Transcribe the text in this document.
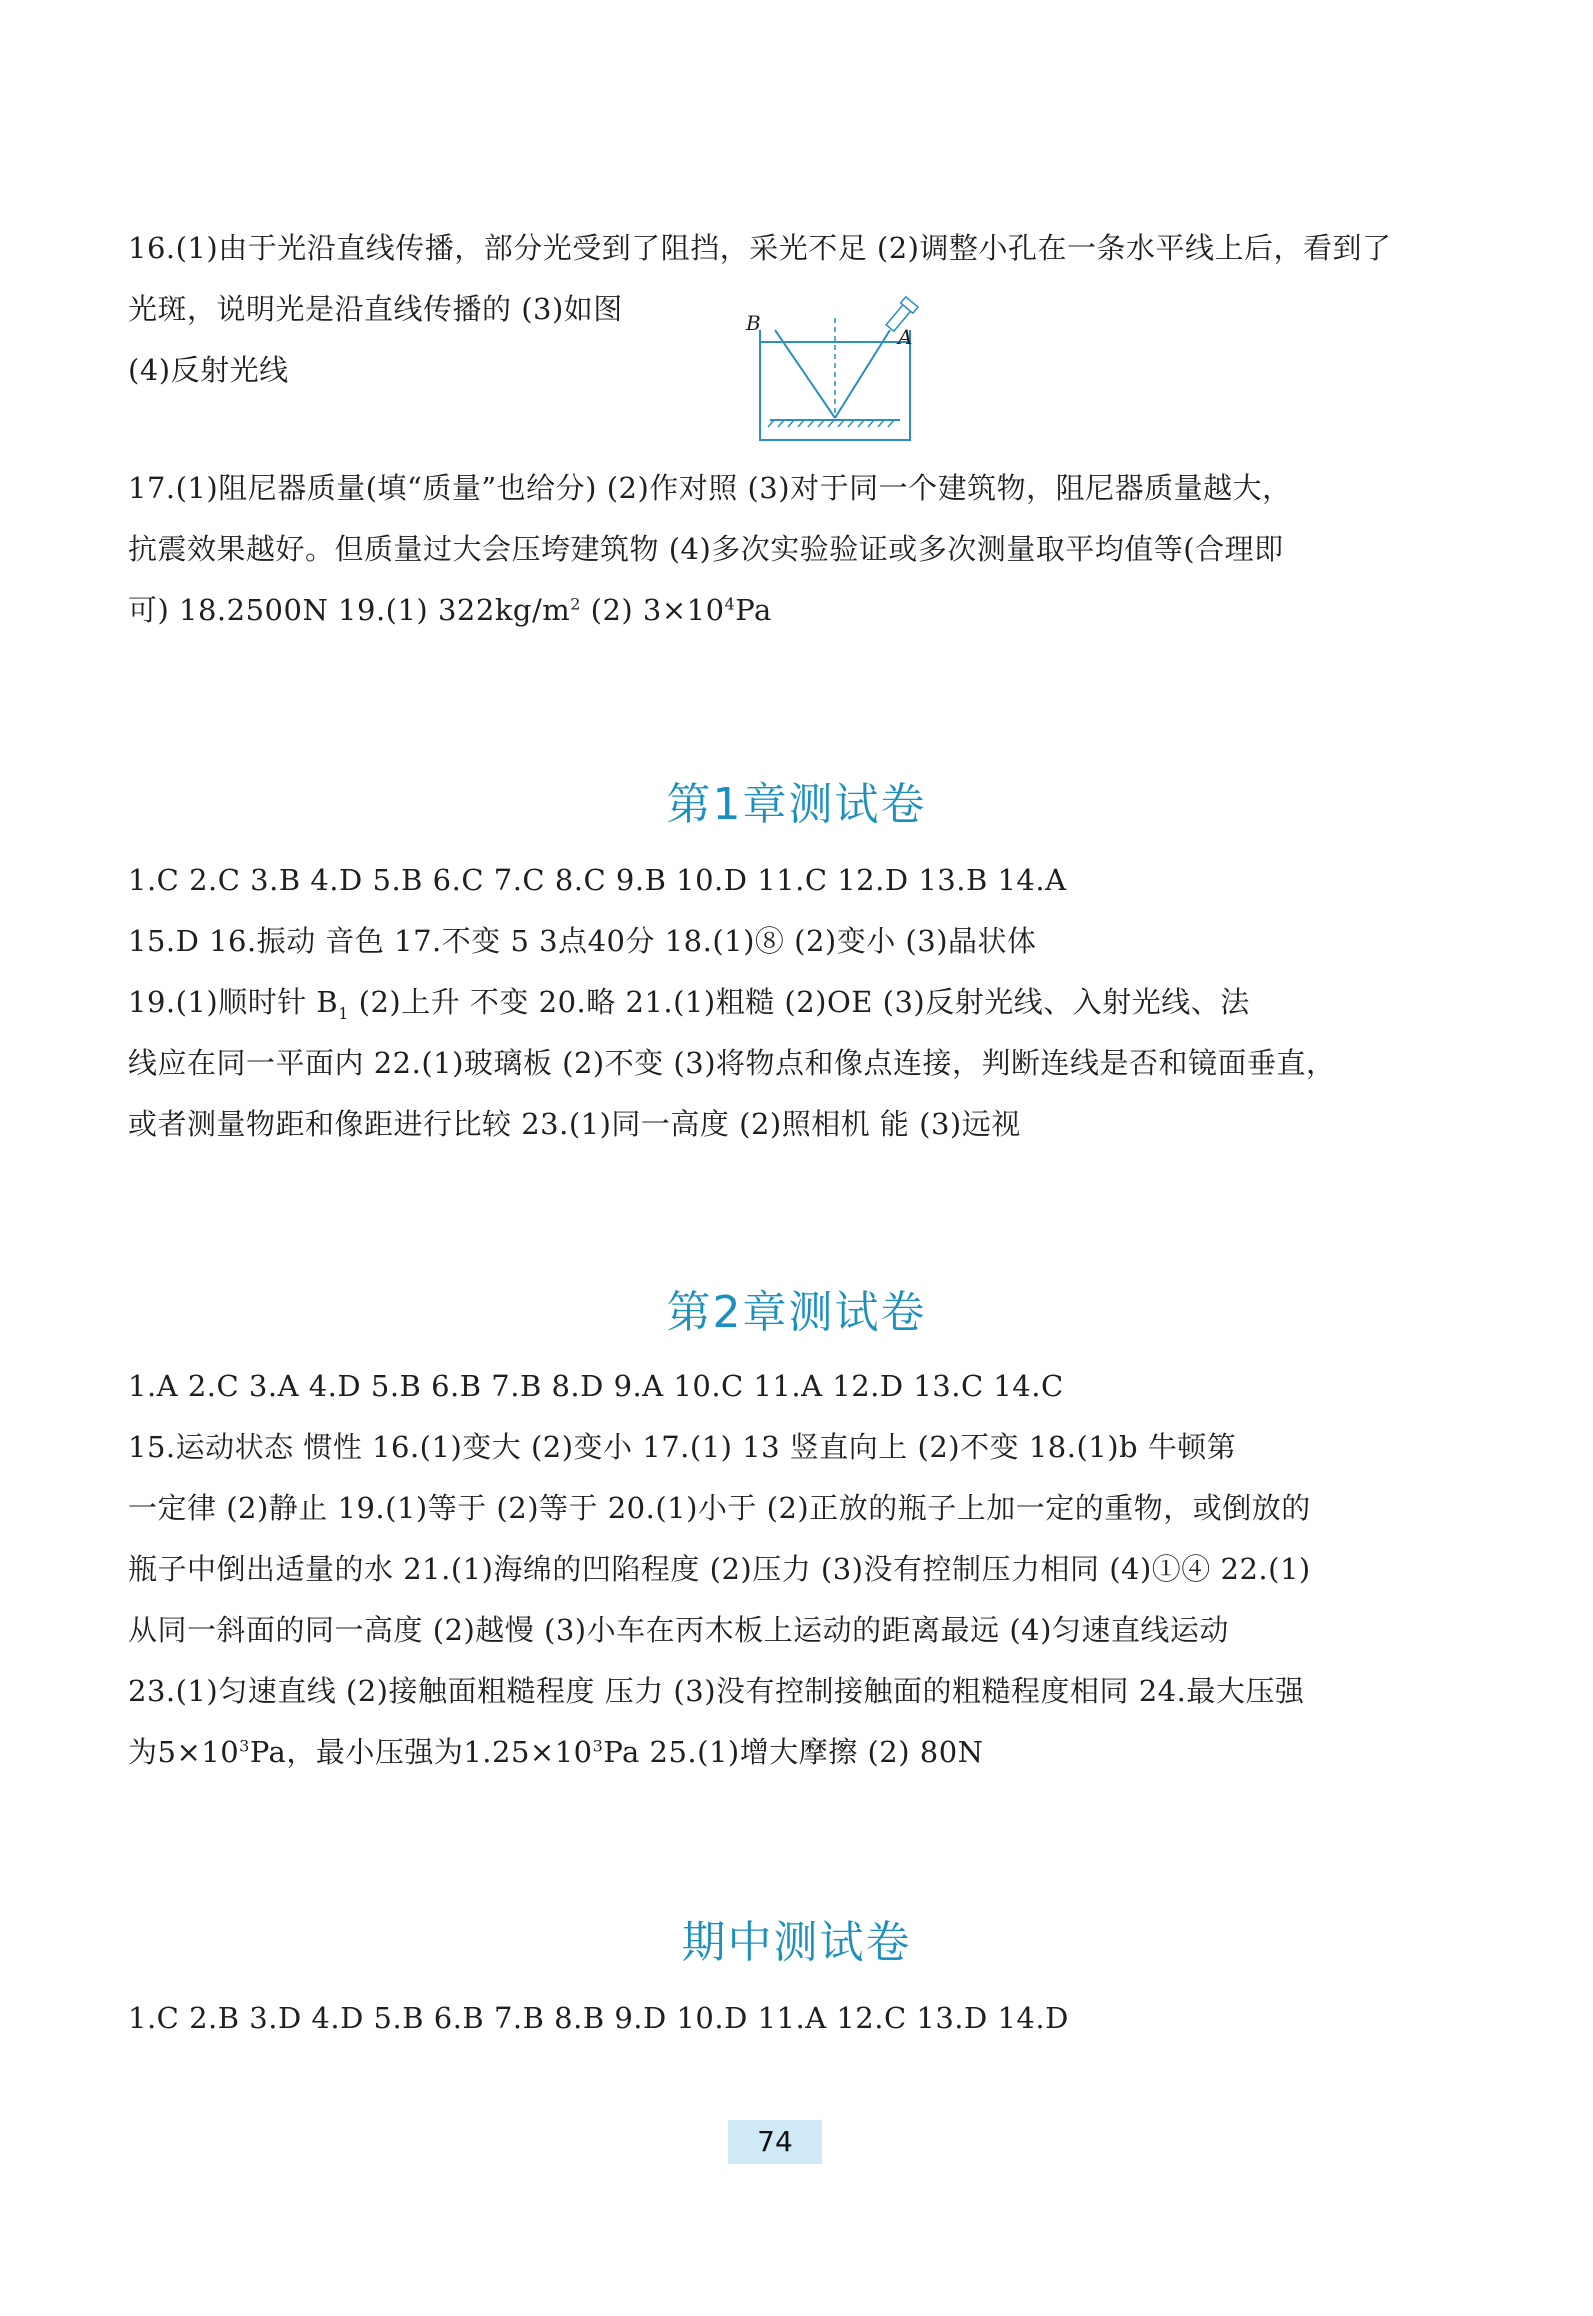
16.(1)由于光沿直线传播，部分光受到了阻挡，采光不足 (2)调整小孔在一条水平线上后，看到了
光斑，说明光是沿直线传播的 (3)如图
(4)反射光线
B
A
17.(1)阻尼器质量(填“质量”也给分) (2)作对照 (3)对于同一个建筑物，阻尼器质量越大，
抗震效果越好。但质量过大会压垮建筑物 (4)多次实验验证或多次测量取平均值等(合理即
可) 18.2500N 19.(1) $322kg/m^2$ (2) $3\times 10^4Pa$
第1章测试卷
1.C 2.C 3.B 4.D 5.B 6.C 7.C 8.C 9.B 10.D 11.C 12.D 13.B 14.A
15.D 16.振动 音色 17.不变 5 3点40分 18.(1)⑧ (2)变小 (3)晶状体
19.(1)顺时针 $B_1$ (2)上升 不变 20.略 21.(1)粗糙 (2)OE (3)反射光线、入射光线、法
线应在同一平面内 22.(1)玻璃板 (2)不变 (3)将物点和像点连接，判断连线是否和镜面垂直，
或者测量物距和像距进行比较 23.(1)同一高度 (2)照相机 能 (3)远视
第2章测试卷
1.A 2.C 3.A 4.D 5.B 6.B 7.B 8.D 9.A 10.C 11.A 12.D 13.C 14.C
15.运动状态 惯性 16.(1)变大 (2)变小 17.(1) 13 竖直向上 (2)不变 18.(1)b 牛顿第
一定律 (2)静止 19.(1)等于 (2)等于 20.(1)小于 (2)正放的瓶子上加一定的重物，或倒放的
瓶子中倒出适量的水 21.(1)海绵的凹陷程度 (2)压力 (3)没有控制压力相同 (4)①④ 22.(1)
从同一斜面的同一高度 (2)越慢 (3)小车在丙木板上运动的距离最远 (4)匀速直线运动
23.(1)匀速直线 (2)接触面粗糙程度 压力 (3)没有控制接触面的粗糙程度相同 24.最大压强
为$5\times 10^3Pa$，最小压强为$1.25\times 10^3Pa$ 25.(1)增大摩擦 (2) 80N
期中测试卷
1.C 2.B 3.D 4.D 5.B 6.B 7.B 8.B 9.D 10.D 11.A 12.C 13.D 14.D
74
